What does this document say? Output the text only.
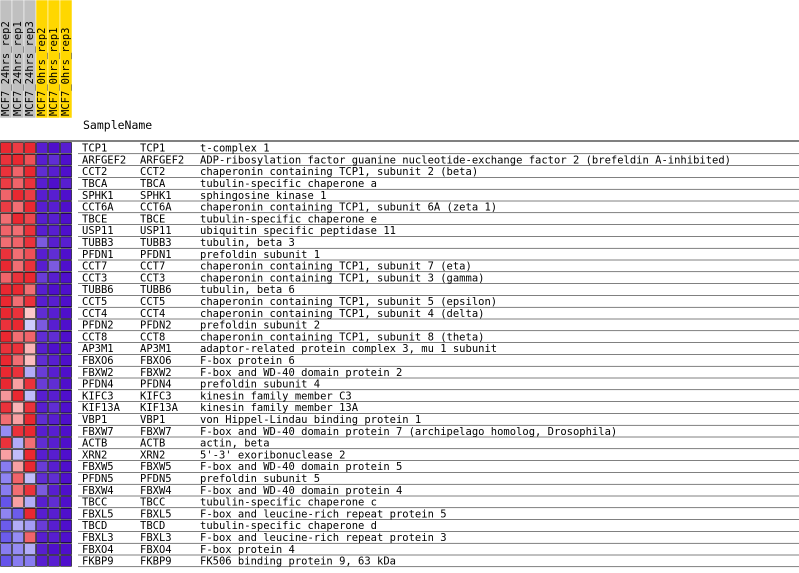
MCF7_24hrs_rep2 MCF7_24hrs_rep1 MCF7_24hrs_rep3 MCF7_0hrs_rep2 MCF7_0hrs_rep1 MCF7_0hrs_rep3
SampleName
TCP1	TCP1	t-complex 1
ARFGEF2 ARFGEF2 ADP-ribosylation factor guanine nucleotide-exchange factor 2 (brefeldin A-inhibited)
CCT2	CCT2	chaperonin containing TCP1, subunit 2 (beta)
TBCA	TBCA	tubulin-specific chaperone a
SPHK1	SPHK1	sphingosine kinase 1
CCT6A	CCT6A	chaperonin containing TCP1, subunit 6A (zeta 1)
TBCE	TBCE	tubulin-specific chaperone e
USP11	USP11	ubiquitin specific peptidase 11
TUBB3	TUBB3	tubulin, beta 3
PFDN1	PFDN1	prefoldin subunit 1
CCT7	CCT7	chaperonin containing TCP1, subunit 7 (eta)
CCT3	CCT3	chaperonin containing TCP1, subunit 3 (gamma)
TUBB6	TUBB6	tubulin, beta 6
CCT5	CCT5	chaperonin containing TCP1, subunit 5 (epsilon)
CCT4	CCT4	chaperonin containing TCP1, subunit 4 (delta)
PFDN2	PFDN2	prefoldin subunit 2
CCT8	CCT8	chaperonin containing TCP1, subunit 8 (theta)
AP3M1	AP3M1	adaptor-related protein complex 3, mu 1 subunit
FBXO6	FBXO6	F-box protein 6
FBXW2	FBXW2	F-box and WD-40 domain protein 2
PFDN4	PFDN4	prefoldin subunit 4
KIFC3	KIFC3	kinesin family member C3
KIF13A KIF13A kinesin family member 13A
VBP1	VBP1	von Hippel-Lindau binding protein 1
FBXW7	FBXW7	F-box and WD-40 domain protein 7 (archipelago homolog, Drosophila)
ACTB	ACTB	actin, beta
XRN2	XRN2	5'-3' exoribonuclease 2
FBXW5	FBXW5	F-box and WD-40 domain protein 5
PFDN5	PFDN5	prefoldin subunit 5
FBXW4	FBXW4	F-box and WD-40 domain protein 4
TBCC	TBCC	tubulin-specific chaperone c
FBXL5	FBXL5	F-box and leucine-rich repeat protein 5
TBCD	TBCD	tubulin-specific chaperone d
FBXL3	FBXL3	F-box and leucine-rich repeat protein 3
FBXO4	FBXO4	F-box protein 4
FKBP9	FKBP9	FK506 binding protein 9, 63 kDa
